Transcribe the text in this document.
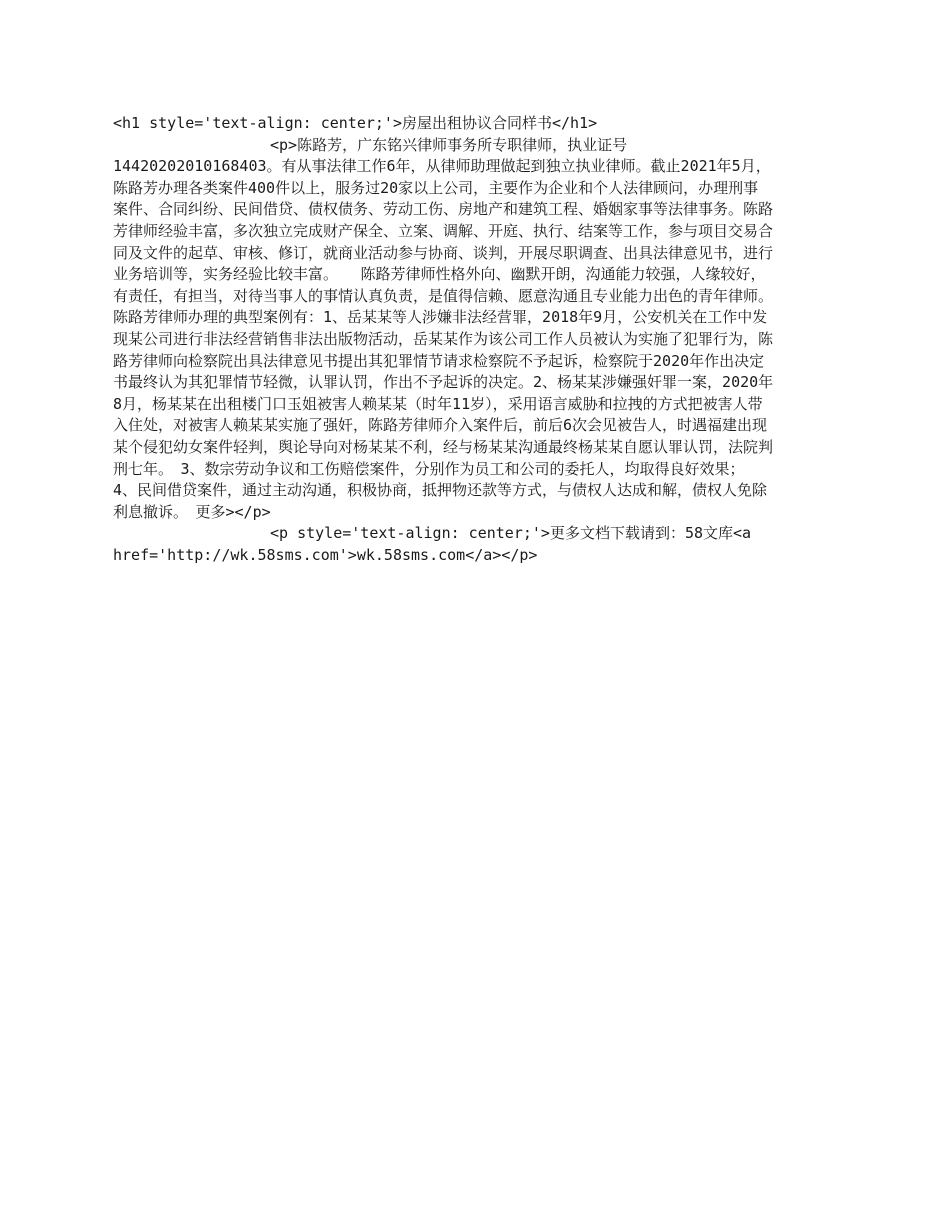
<h1 style='text-align: center;'>房屋出租协议合同样书</h1>

<p>陈路芳，广东铭兴律师事务所专职律师，执业证号

14420202010168403。有从事法律工作6年，从律师助理做起到独立执业律师。截止2021年5月，

陈路芳办理各类案件400件以上，服务过20家以上公司，主要作为企业和个人法律顾问，办理刑事

案件、合同纠纷、民间借贷、债权债务、劳动工伤、房地产和建筑工程、婚姻家事等法律事务。陈路

芳律师经验丰富，多次独立完成财产保全、立案、调解、开庭、执行、结案等工作，参与项目交易合

同及文件的起草、审核、修订，就商业活动参与协商、谈判，开展尽职调查、出具法律意见书，进行

业务培训等，实务经验比较丰富。　　陈路芳律师性格外向、幽默开朗，沟通能力较强，人缘较好，

有责任，有担当，对待当事人的事情认真负责，是值得信赖、愿意沟通且专业能力出色的青年律师。

陈路芳律师办理的典型案例有：1、岳某某等人涉嫌非法经营罪，2018年9月，公安机关在工作中发

现某公司进行非法经营销售非法出版物活动，岳某某作为该公司工作人员被认为实施了犯罪行为，陈

路芳律师向检察院出具法律意见书提出其犯罪情节请求检察院不予起诉，检察院于2020年作出决定

书最终认为其犯罪情节轻微，认罪认罚，作出不予起诉的决定。2、杨某某涉嫌强奸罪一案，2020年

8月，杨某某在出租楼门口玉姐被害人赖某某（时年11岁），采用语言威胁和拉拽的方式把被害人带

入住处，对被害人赖某某实施了强奸，陈路芳律师介入案件后，前后6次会见被告人，时遇福建出现

某个侵犯幼女案件轻判，舆论导向对杨某某不利，经与杨某某沟通最终杨某某自愿认罪认罚，法院判

刑七年。　3、数宗劳动争议和工伤赔偿案件，分别作为员工和公司的委托人，均取得良好效果；

4、民间借贷案件，通过主动沟通，积极协商，抵押物还款等方式，与债权人达成和解，债权人免除

利息撤诉。　更多></p>

<p style='text-align: center;'>更多文档下载请到：58文库<a

href='http://wk.58sms.com'>wk.58sms.com</a></p>
